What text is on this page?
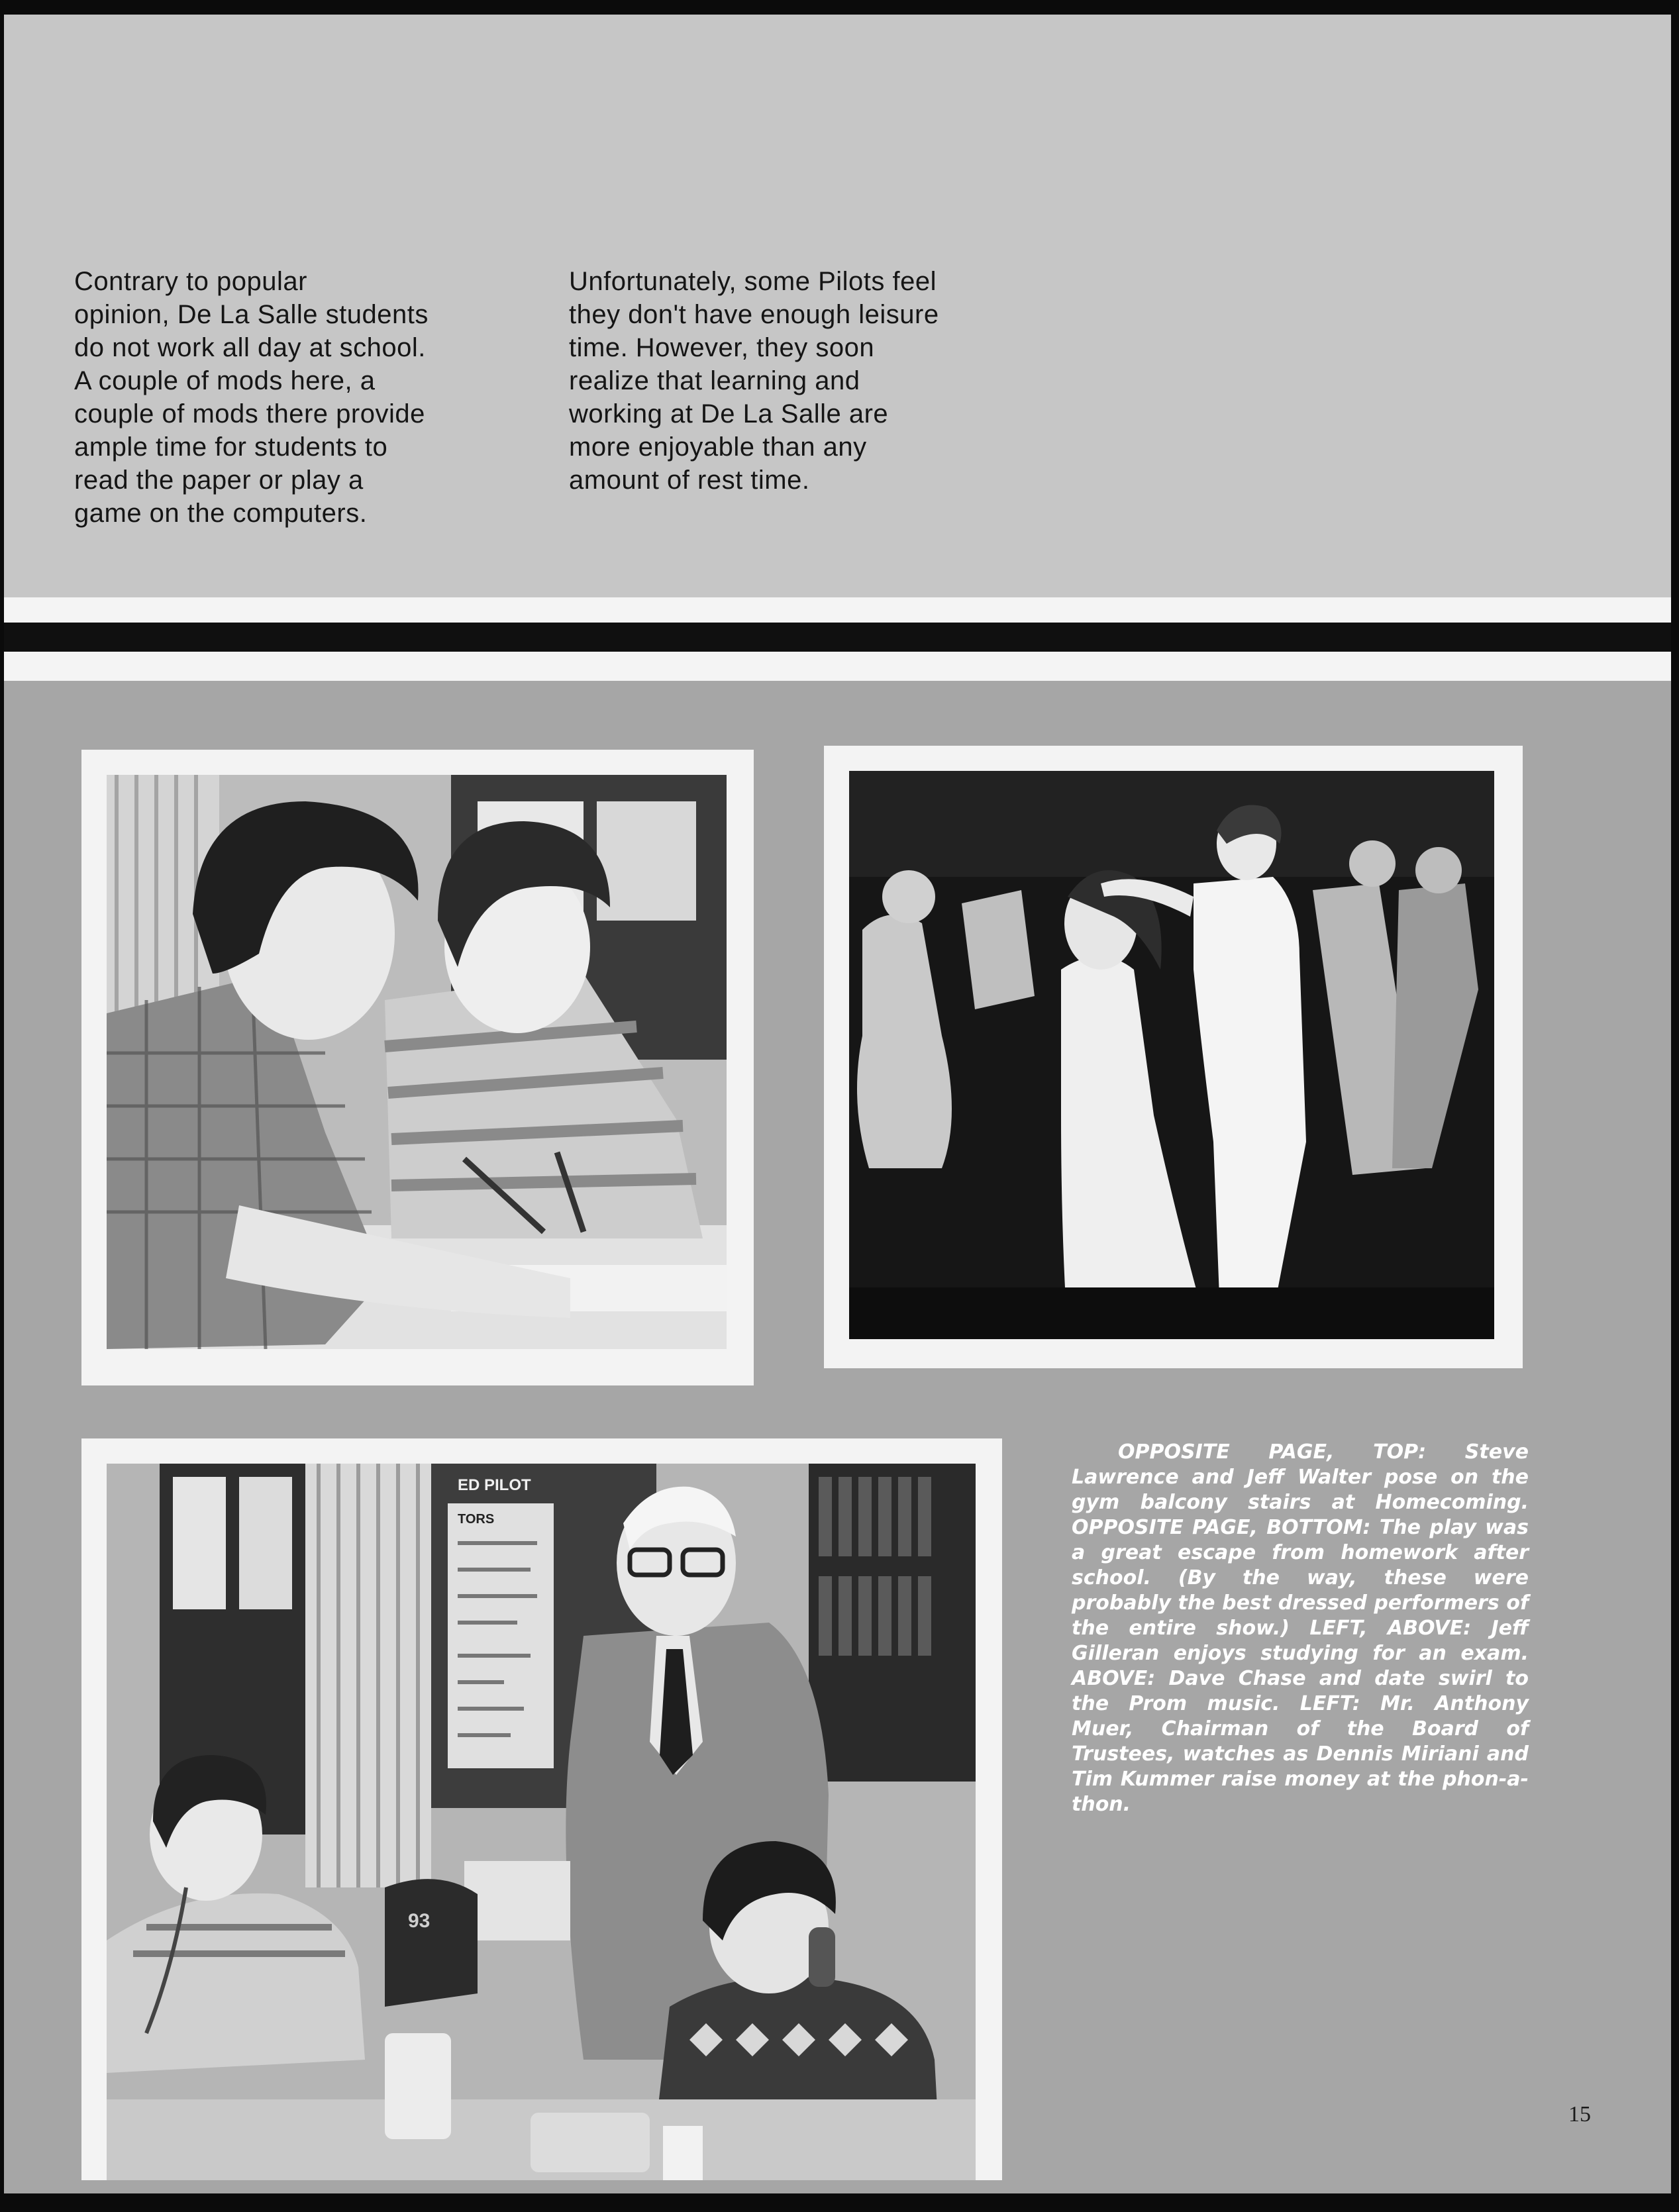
Contrary to popular
opinion, De La Salle students
do not work all day at school.
A couple of mods here, a
couple of mods there provide
ample time for students to
read the paper or play a
game on the computers.
Unfortunately, some Pilots feel
they don't have enough leisure
time. However, they soon
realize that learning and
working at De La Salle are
more enjoyable than any
amount of rest time.
ED PILOT
TORS
93
OPPOSITE PAGE, TOP: Steve Lawrence and Jeff Walter pose on the gym balcony stairs at Homecoming. OPPOSITE PAGE, BOTTOM: The play was a great escape from homework after school. (By the way, these were probably the best dressed performers of the entire show.) LEFT, ABOVE: Jeff Gilleran enjoys studying for an exam. ABOVE: Dave Chase and date swirl to the Prom music. LEFT: Mr. Anthony Muer, Chairman of the Board of Trustees, watches as Dennis Miriani and Tim Kummer raise money at the phon-a-thon.
15
